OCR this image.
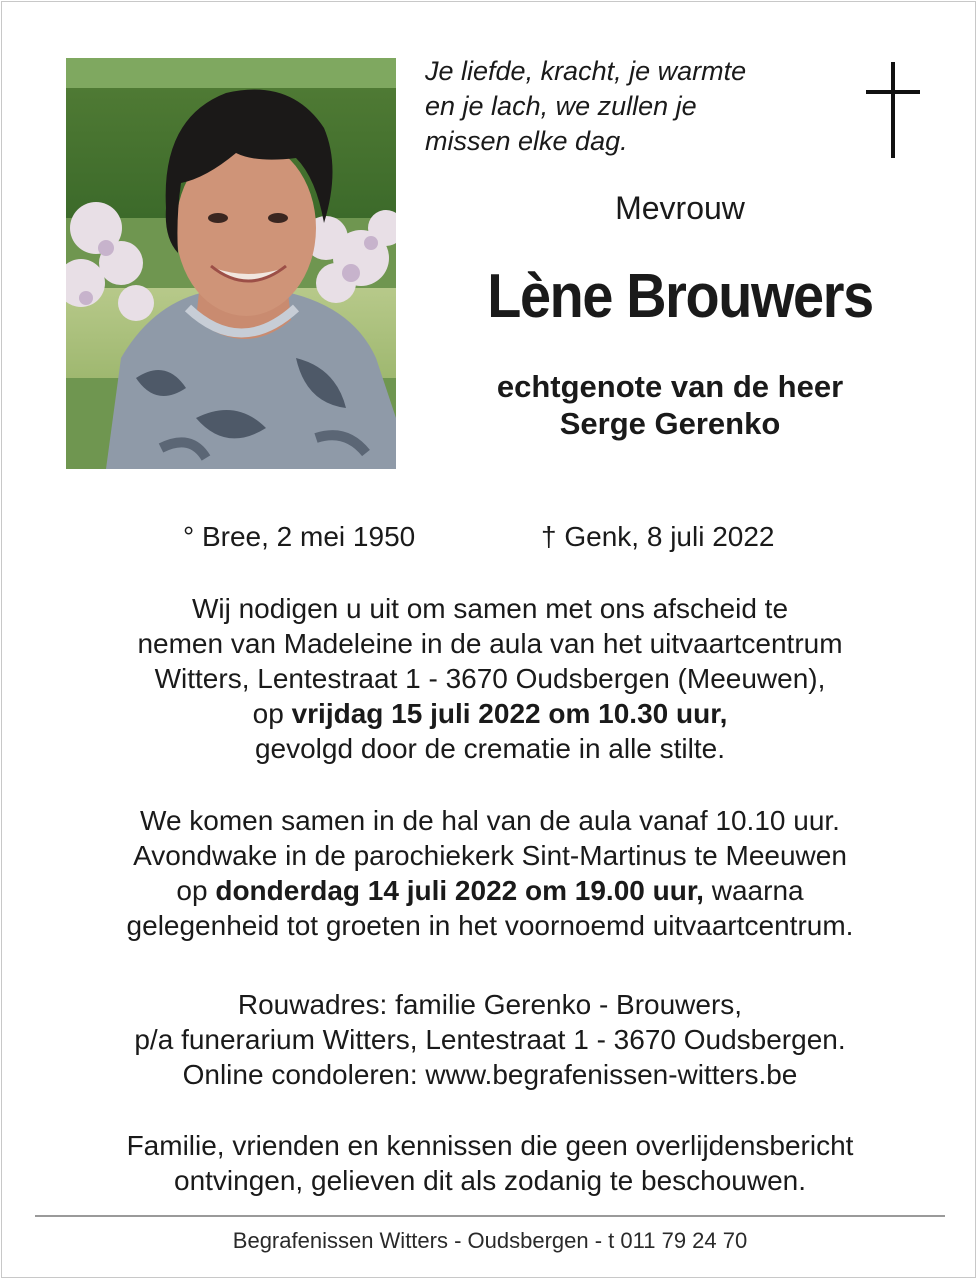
Je liefde, kracht, je warmte
en je lach, we zullen je
missen elke dag.
Mevrouw
Lène Brouwers
echtgenote van de heer
Serge Gerenko
° Bree, 2 mei 1950	† Genk, 8 juli 2022
Wij nodigen u uit om samen met ons afscheid te
nemen van Madeleine in de aula van het uitvaartcentrum
Witters, Lentestraat 1 - 3670 Oudsbergen (Meeuwen),
op vrijdag 15 juli 2022 om 10.30 uur,
gevolgd door de crematie in alle stilte.
We komen samen in de hal van de aula vanaf 10.10 uur.
Avondwake in de parochiekerk Sint-Martinus te Meeuwen
op donderdag 14 juli 2022 om 19.00 uur, waarna
gelegenheid tot groeten in het voornoemd uitvaartcentrum.
Rouwadres: familie Gerenko - Brouwers,
p/a funerarium Witters, Lentestraat 1 - 3670 Oudsbergen.
Online condoleren: www.begrafenissen-witters.be
Familie, vrienden en kennissen die geen overlijdensbericht
ontvingen, gelieven dit als zodanig te beschouwen.
Begrafenissen Witters - Oudsbergen - t 011 79 24 70
